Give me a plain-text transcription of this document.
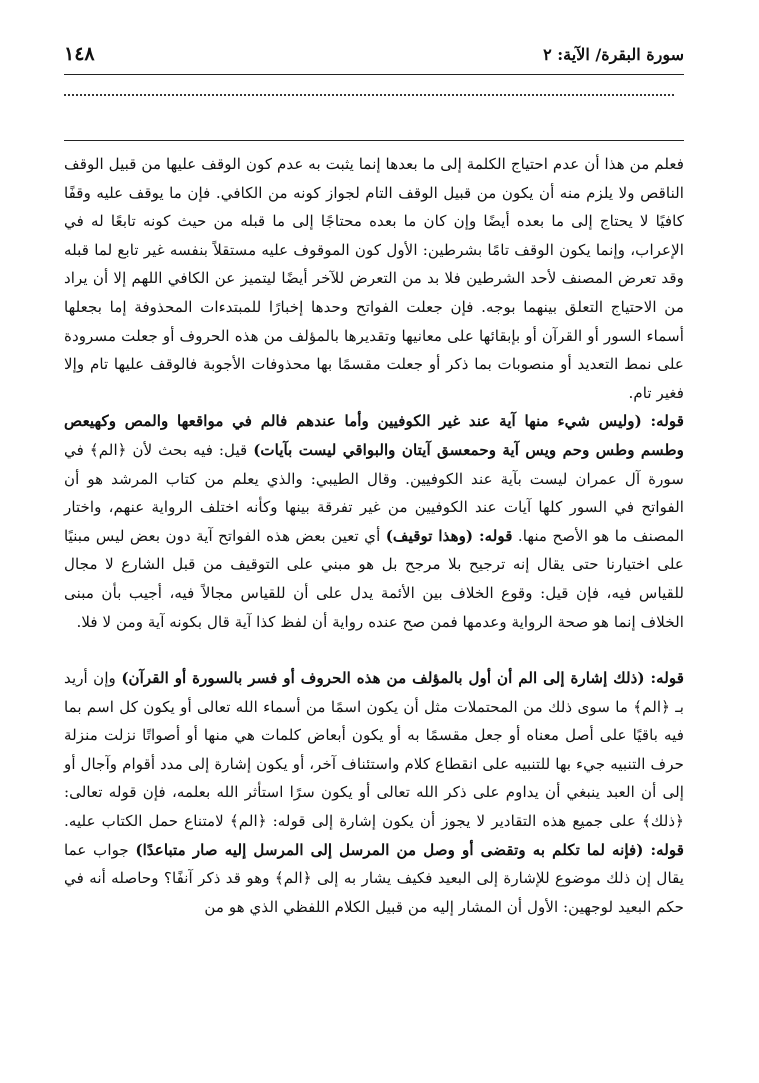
سورة البقرة/ الآية: ٢
١٤٨

فعلم من هذا أن عدم احتياج الكلمة إلى ما بعدها إنما يثبت به عدم كون الوقف عليها من قبيل الوقف الناقص ولا يلزم منه أن يكون من قبيل الوقف التام لجواز كونه من الكافي. فإن ما يوقف عليه وقفًا كافيًا لا يحتاج إلى ما بعده أيضًا وإن كان ما بعده محتاجًا إلى ما قبله من حيث كونه تابعًا له في الإعراب، وإنما يكون الوقف تامًا بشرطين: الأول كون الموقوف عليه مستقلاً بنفسه غير تابع لما قبله وقد تعرض المصنف لأحد الشرطين فلا بد من التعرض للآخر أيضًا ليتميز عن الكافي اللهم إلا أن يراد من الاحتياج التعلق بينهما بوجه. فإن جعلت الفواتح وحدها إخبارًا للمبتدءات المحذوفة إما بجعلها أسماء السور أو القرآن أو بإبقائها على معانيها وتقديرها بالمؤلف من هذه الحروف أو جعلت مسرودة على نمط التعديد أو منصوبات بما ذكر أو جعلت مقسمًا بها محذوفات الأجوبة فالوقف عليها تام وإلا فغير تام.

قوله: (وليس شيء منها آية عند غير الكوفيين وأما عندهم فالم في مواقعها والمص وكهيعص وطسم وطس وحم ويس آية وحمعسق آيتان والبواقي ليست بآيات) قيل: فيه بحث لأن ﴿الم﴾ في سورة آل عمران ليست بآية عند الكوفيين. وقال الطيبي: والذي يعلم من كتاب المرشد هو أن الفواتح في السور كلها آيات عند الكوفيين من غير تفرقة بينها وكأنه اختلف الرواية عنهم، واختار المصنف ما هو الأصح منها. قوله: (وهذا توقيف) أي تعين بعض هذه الفواتح آية دون بعض ليس مبنيًا على اختيارنا حتى يقال إنه ترجيح بلا مرجح بل هو مبني على التوقيف من قبل الشارع لا مجال للقياس فيه، فإن قيل: وقوع الخلاف بين الأئمة يدل على أن للقياس مجالاً فيه، أجيب بأن مبنى الخلاف إنما هو صحة الرواية وعدمها فمن صح عنده رواية أن لفظ كذا آية قال بكونه آية ومن لا فلا.

قوله: (ذلك إشارة إلى الم أن أول بالمؤلف من هذه الحروف أو فسر بالسورة أو القرآن) وإن أريد بـ ﴿الم﴾ ما سوى ذلك من المحتملات مثل أن يكون اسمًا من أسماء الله تعالى أو يكون كل اسم بما فيه باقيًا على أصل معناه أو جعل مقسمًا به أو يكون أبعاض كلمات هي منها أو أصواتًا نزلت منزلة حرف التنبيه جيء بها للتنبيه على انقطاع كلام واستئناف آخر، أو يكون إشارة إلى مدد أقوام وآجال أو إلى أن العبد ينبغي أن يداوم على ذكر الله تعالى أو يكون سرًا استأثر الله بعلمه، فإن قوله تعالى: ﴿ذلك﴾ على جميع هذه التقادير لا يجوز أن يكون إشارة إلى قوله: ﴿الم﴾ لامتناع حمل الكتاب عليه. قوله: (فإنه لما تكلم به وتقضى أو وصل من المرسل إلى المرسل إليه صار متباعدًا) جواب عما يقال إن ذلك موضوع للإشارة إلى البعيد فكيف يشار به إلى ﴿الم﴾ وهو قد ذكر آنفًا؟ وحاصله أنه في حكم البعيد لوجهين: الأول أن المشار إليه من قبيل الكلام اللفظي الذي هو من
